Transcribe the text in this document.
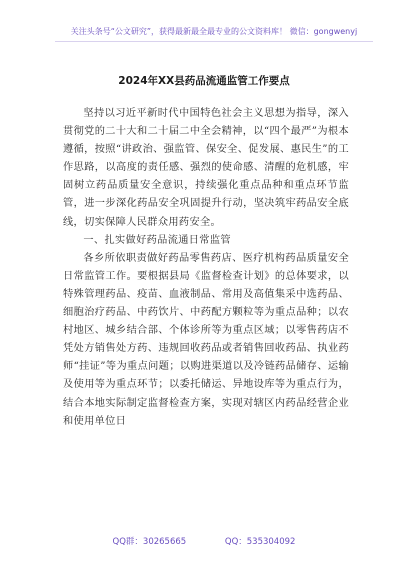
关注头条号“公文研究”，获得最新最全最专业的公文资料库！ 微信：gongwenyj
2024年XX县药品流通监管工作要点

坚持以习近平新时代中国特色社会主义思想为指导，深入贯彻党的二十大和二十届二中全会精神，以“四个最严”为根本遵循，按照“讲政治、强监管、保安全、促发展、惠民生”的工作思路，以高度的责任感、强烈的使命感、清醒的危机感，牢固树立药品质量安全意识，持续强化重点品种和重点环节监管，进一步深化药品安全巩固提升行动，坚决筑牢药品安全底线，切实保障人民群众用药安全。

一、扎实做好药品流通日常监管

各乡所依职责做好药品零售药店、医疗机构药品质量安全日常监管工作。要根据县局《监督检查计划》的总体要求，以特殊管理药品、疫苗、血液制品、常用及高值集采中选药品、细胞治疗药品、中药饮片、中药配方颗粒等为重点品种；以农村地区、城乡结合部、个体诊所等为重点区域；以零售药店不凭处方销售处方药、违规回收药品或者销售回收药品、执业药师“挂证”等为重点问题；以购进渠道以及冷链药品储存、运输及使用等为重点环节；以委托储运、异地设库等为重点行为，结合本地实际制定监督检查方案，实现对辖区内药品经营企业和使用单位日

QQ群：30265665	QQ：535304092
